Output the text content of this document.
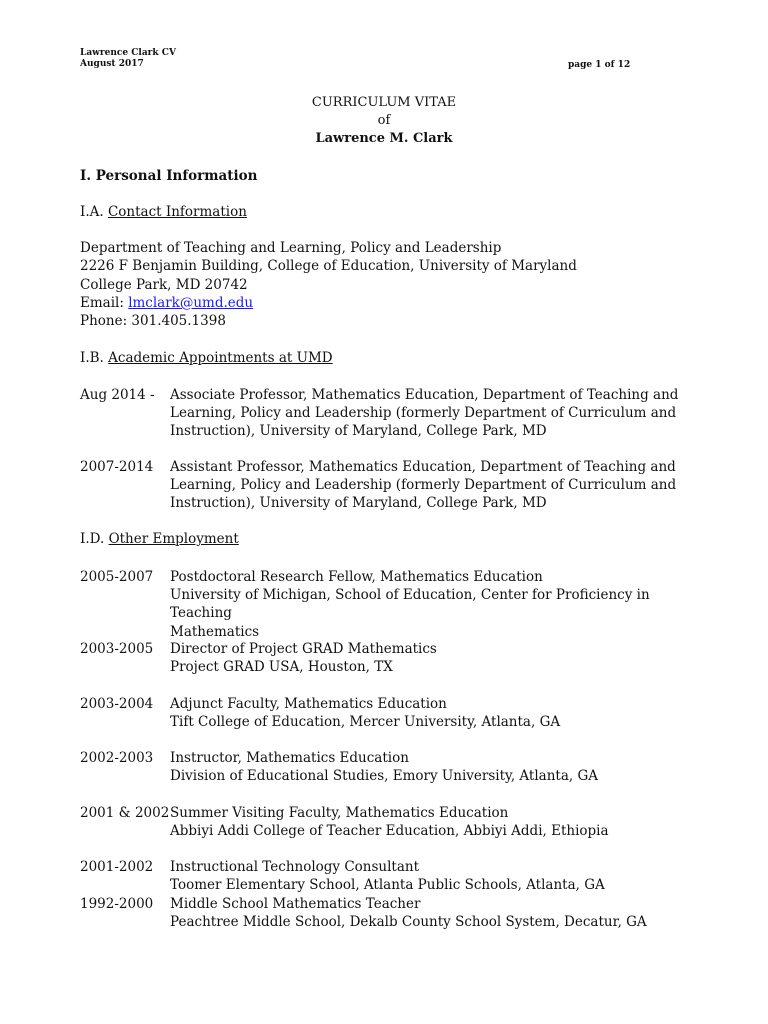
Lawrence Clark CV
August 2017	page 1 of 12
CURRICULUM VITAE
of
Lawrence M. Clark
I. Personal Information
I.A. Contact Information
Department of Teaching and Learning, Policy and Leadership
2226 F Benjamin Building, College of Education, University of Maryland
College Park, MD 20742
Email: lmclark@umd.edu
Phone: 301.405.1398
I.B. Academic Appointments at UMD
Aug 2014 - Associate Professor, Mathematics Education, Department of Teaching and
Learning, Policy and Leadership (formerly Department of Curriculum and
Instruction), University of Maryland, College Park, MD
2007-2014 Assistant Professor, Mathematics Education, Department of Teaching and
Learning, Policy and Leadership (formerly Department of Curriculum and
Instruction), University of Maryland, College Park, MD
I.D. Other Employment
2005-2007 Postdoctoral Research Fellow, Mathematics Education
University of Michigan, School of Education, Center for Proficiency in Teaching
Mathematics
2003-2005 Director of Project GRAD Mathematics
Project GRAD USA, Houston, TX
2003-2004 Adjunct Faculty, Mathematics Education
Tift College of Education, Mercer University, Atlanta, GA
2002-2003 Instructor, Mathematics Education
Division of Educational Studies, Emory University, Atlanta, GA
2001 & 2002 Summer Visiting Faculty, Mathematics Education
Abbiyi Addi College of Teacher Education, Abbiyi Addi, Ethiopia
2001-2002 Instructional Technology Consultant
Toomer Elementary School, Atlanta Public Schools, Atlanta, GA
1992-2000 Middle School Mathematics Teacher
Peachtree Middle School, Dekalb County School System, Decatur, GA
